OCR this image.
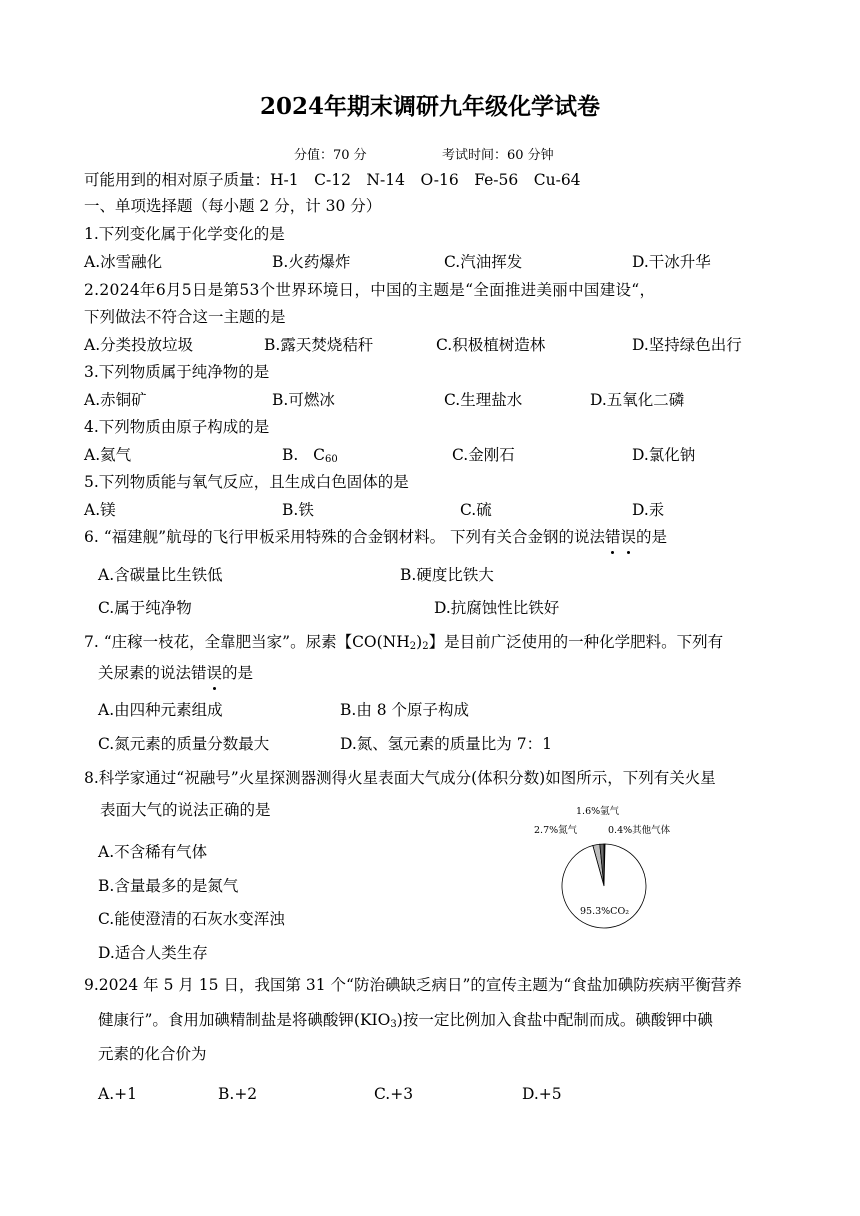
2024年期末调研九年级化学试卷
分值：70 分	考试时间：60 分钟
可能用到的相对原子质量：H-1　C-12　N-14　O-16　Fe-56　Cu-64
一、单项选择题（每小题 2 分，计 30 分）
1.下列变化属于化学变化的是
A.冰雪融化	B.火药爆炸	C.汽油挥发	D.干冰升华
2.2024年6月5日是第53个世界环境日，中国的主题是“全面推进美丽中国建设“，
下列做法不符合这一主题的是
A.分类投放垃圾	B.露天焚烧秸秆	C.积极植树造林	D.坚持绿色出行
3.下列物质属于纯净物的是
A.赤铜矿	B.可燃冰	C.生理盐水	D.五氧化二磷
4.下列物质由原子构成的是
A.氦气	B. $C_{60}$	C.金刚石	D.氯化钠
5.下列物质能与氧气反应，且生成白色固体的是
A.镁	B.铁	C.硫	D.汞
6. “福建舰”航母的飞行甲板采用特殊的合金钢材料。 下列有关合金钢的说法错误的是
A.含碳量比生铁低	B.硬度比铁大
C.属于纯净物	D.抗腐蚀性比铁好
7. “庄稼一枝花，全靠肥当家”。尿素【$CO(NH_2)_2$】是目前广泛使用的一种化学肥料。下列有
关尿素的说法错误的是
A.由四种元素组成	B.由 8 个原子构成
C.氮元素的质量分数最大	D.氮、氢元素的质量比为 7：1
8.科学家通过“祝融号”火星探测器测得火星表面大气成分(体积分数)如图所示，下列有关火星
表面大气的说法正确的是
A.不含稀有气体
B.含量最多的是氮气
C.能使澄清的石灰水变浑浊
D.适合人类生存
1.6%氩气
2.7%氮气	0.4%其他气体
95.3%CO₂
9.2024 年 5 月 15 日，我国第 31 个“防治碘缺乏病日”的宣传主题为“食盐加碘防疾病平衡营养
健康行”。食用加碘精制盐是将碘酸钾$(KIO_3)$按一定比例加入食盐中配制而成。碘酸钾中碘
元素的化合价为
A.+1	B.+2	C.+3	D.+5
